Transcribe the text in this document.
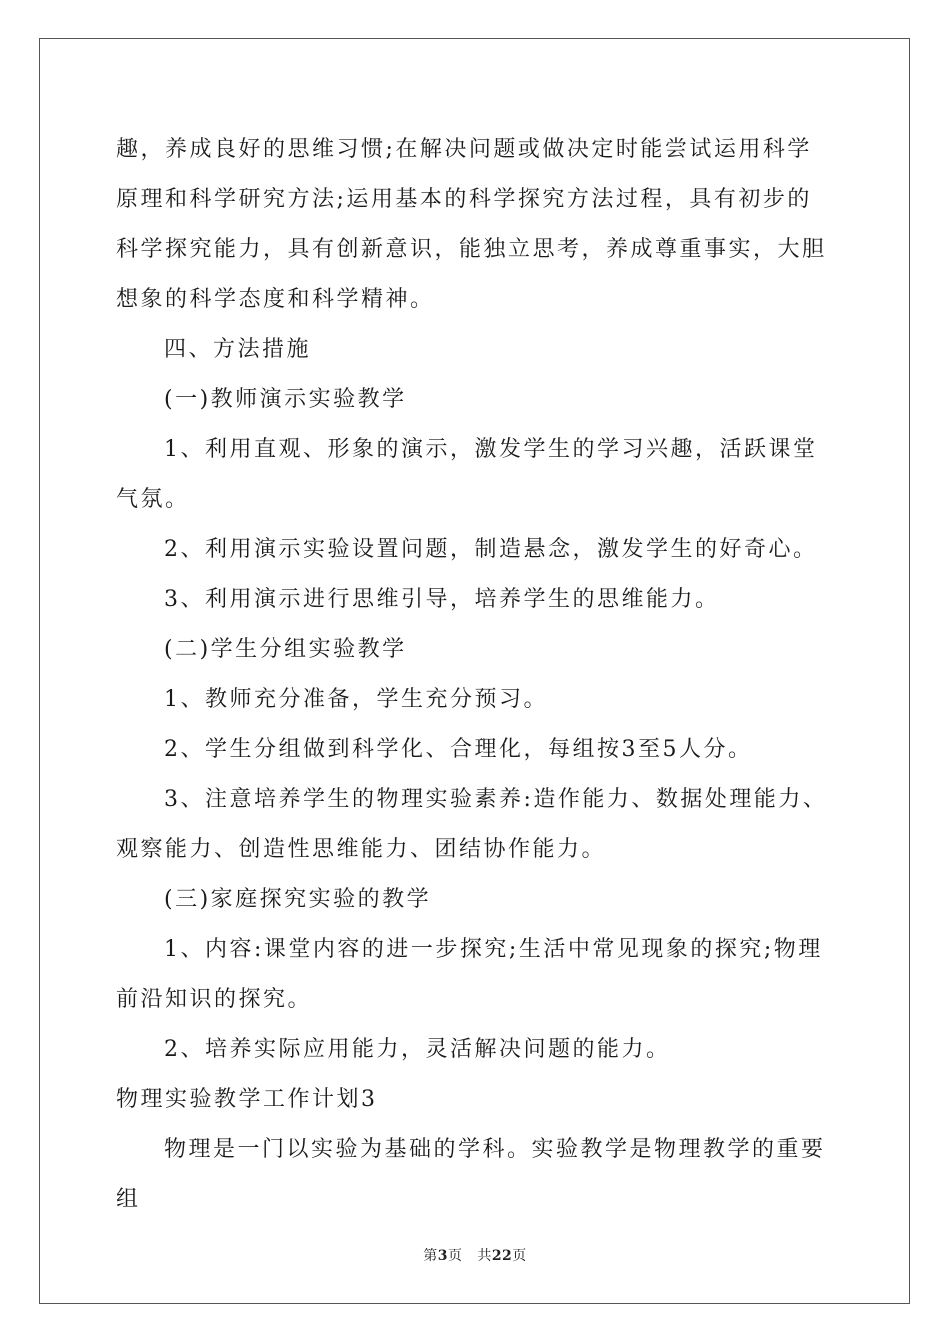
趣，养成良好的思维习惯;在解决问题或做决定时能尝试运用科学原理和科学研究方法;运用基本的科学探究方法过程，具有初步的科学探究能力，具有创新意识，能独立思考，养成尊重事实，大胆想象的科学态度和科学精神。

四、方法措施

(一)教师演示实验教学

1、利用直观、形象的演示，激发学生的学习兴趣，活跃课堂气氛。

2、利用演示实验设置问题，制造悬念，激发学生的好奇心。

3、利用演示进行思维引导，培养学生的思维能力。

(二)学生分组实验教学

1、教师充分准备，学生充分预习。

2、学生分组做到科学化、合理化，每组按3至5人分。

3、注意培养学生的物理实验素养:造作能力、数据处理能力、观察能力、创造性思维能力、团结协作能力。

(三)家庭探究实验的教学

1、内容:课堂内容的进一步探究;生活中常见现象的探究;物理前沿知识的探究。

2、培养实际应用能力，灵活解决问题的能力。

物理实验教学工作计划3

物理是一门以实验为基础的学科。实验教学是物理教学的重要组

第3页 共22页
